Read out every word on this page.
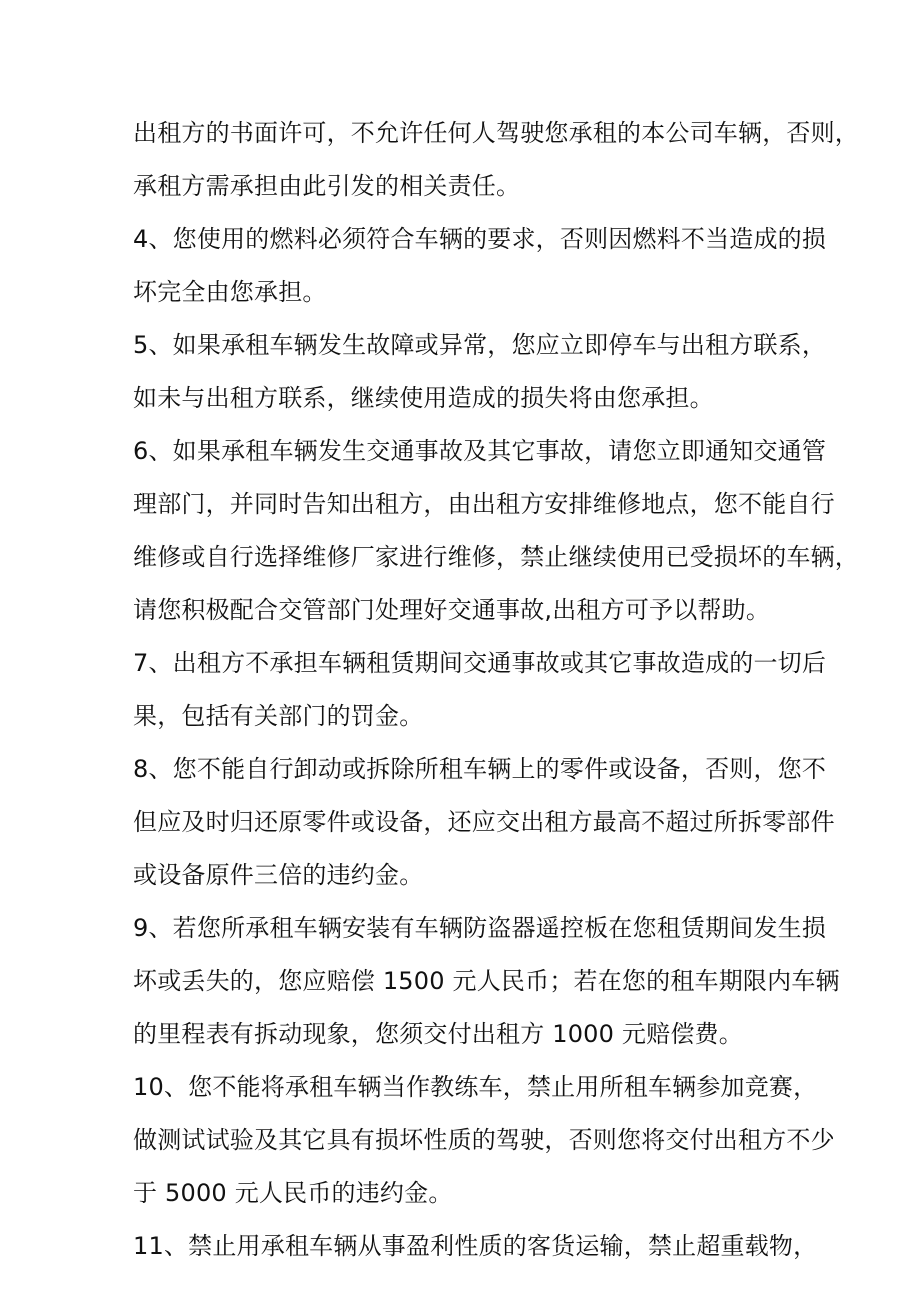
出租方的书面许可，不允许任何人驾驶您承租的本公司车辆，否则，
承租方需承担由此引发的相关责任。
4、您使用的燃料必须符合车辆的要求，否则因燃料不当造成的损
坏完全由您承担。
5、如果承租车辆发生故障或异常，您应立即停车与出租方联系，
如未与出租方联系，继续使用造成的损失将由您承担。
6、如果承租车辆发生交通事故及其它事故，请您立即通知交通管
理部门，并同时告知出租方，由出租方安排维修地点，您不能自行
维修或自行选择维修厂家进行维修，禁止继续使用已受损坏的车辆，
请您积极配合交管部门处理好交通事故,出租方可予以帮助。
7、出租方不承担车辆租赁期间交通事故或其它事故造成的一切后
果，包括有关部门的罚金。
8、您不能自行卸动或拆除所租车辆上的零件或设备，否则，您不
但应及时归还原零件或设备，还应交出租方最高不超过所拆零部件
或设备原件三倍的违约金。
9、若您所承租车辆安装有车辆防盗器遥控板在您租赁期间发生损
坏或丢失的，您应赔偿 1500 元人民币；若在您的租车期限内车辆
的里程表有拆动现象，您须交付出租方 1000 元赔偿费。
10、您不能将承租车辆当作教练车，禁止用所租车辆参加竞赛，
做测试试验及其它具有损坏性质的驾驶，否则您将交付出租方不少
于 5000 元人民币的违约金。
11、禁止用承租车辆从事盈利性质的客货运输，禁止超重载物，
